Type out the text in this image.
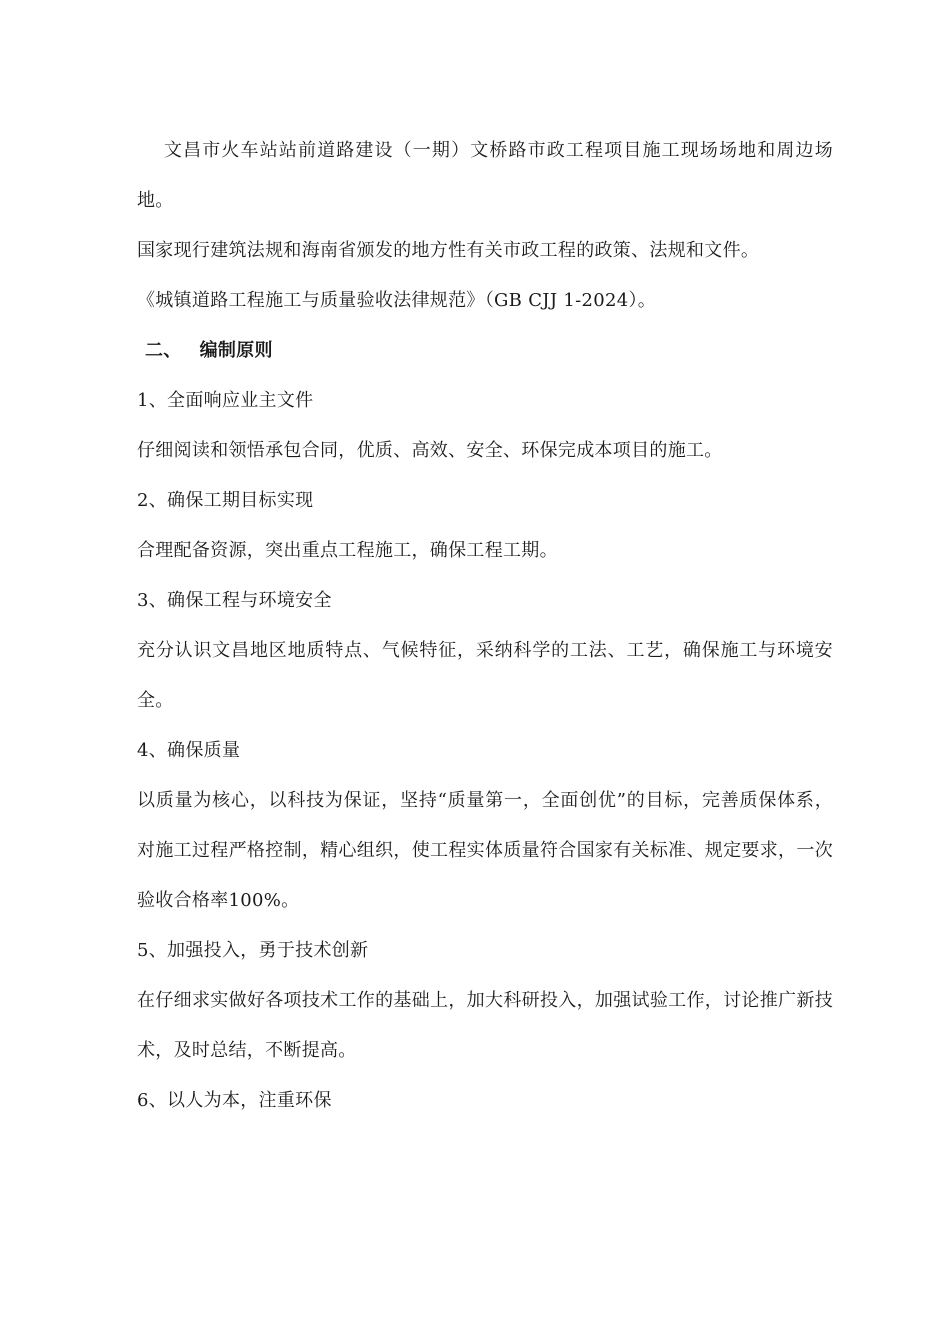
文昌市火车站站前道路建设（一期）文桥路市政工程项目施工现场场地和周边场地。

国家现行建筑法规和海南省颁发的地方性有关市政工程的政策、法规和文件。

《城镇道路工程施工与质量验收法律规范》（GB CJJ 1-2024）。

二、 编制原则

1、全面响应业主文件

仔细阅读和领悟承包合同，优质、高效、安全、环保完成本项目的施工。

2、确保工期目标实现

合理配备资源，突出重点工程施工，确保工程工期。

3、确保工程与环境安全

充分认识文昌地区地质特点、气候特征，采纳科学的工法、工艺，确保施工与环境安全。

4、确保质量

以质量为核心，以科技为保证，坚持“质量第一，全面创优”的目标，完善质保体系，对施工过程严格控制，精心组织，使工程实体质量符合国家有关标准、规定要求，一次验收合格率100%。

5、加强投入，勇于技术创新

在仔细求实做好各项技术工作的基础上，加大科研投入，加强试验工作，讨论推广新技术，及时总结，不断提高。

6、以人为本，注重环保
